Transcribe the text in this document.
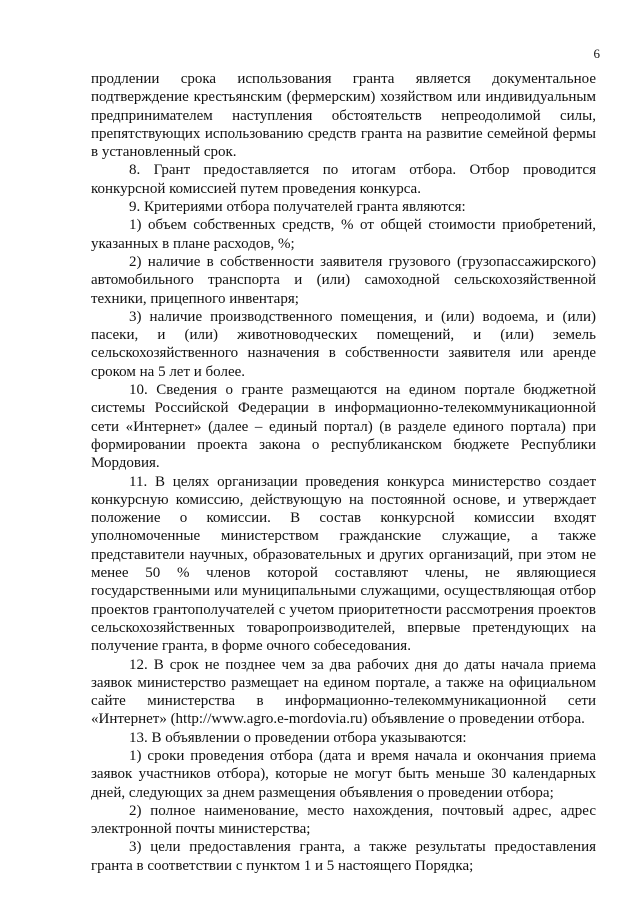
6

продлении срока использования гранта является документальное подтверждение крестьянским (фермерским) хозяйством или индивидуальным предпринимателем наступления обстоятельств непреодолимой силы, препятствующих использованию средств гранта на развитие семейной фермы в установленный срок.

8. Грант предоставляется по итогам отбора. Отбор проводится конкурсной комиссией путем проведения конкурса.

9. Критериями отбора получателей гранта являются:

1) объем собственных средств, % от общей стоимости приобретений, указанных в плане расходов, %;

2) наличие в собственности заявителя грузового (грузопассажирского) автомобильного транспорта и (или) самоходной сельскохозяйственной техники, прицепного инвентаря;

3) наличие производственного помещения, и (или) водоема, и (или) пасеки, и (или) животноводческих помещений, и (или) земель сельскохозяйственного назначения в собственности заявителя или аренде сроком на 5 лет и более.

10. Сведения о гранте размещаются на едином портале бюджетной системы Российской Федерации в информационно-телекоммуникационной сети «Интернет» (далее – единый портал) (в разделе единого портала) при формировании проекта закона о республиканском бюджете Республики Мордовия.

11. В целях организации проведения конкурса министерство создает конкурсную комиссию, действующую на постоянной основе, и утверждает положение о комиссии. В состав конкурсной комиссии входят уполномоченные министерством гражданские служащие, а также представители научных, образовательных и других организаций, при этом не менее 50 % членов которой составляют члены, не являющиеся государственными или муниципальными служащими, осуществляющая отбор проектов грантополучателей с учетом приоритетности рассмотрения проектов сельскохозяйственных товаропроизводителей, впервые претендующих на получение гранта, в форме очного собеседования.

12. В срок не позднее чем за два рабочих дня до даты начала приема заявок министерство размещает на едином портале, а также на официальном сайте министерства в информационно-телекоммуникационной сети «Интернет» (http://www.agro.e-mordovia.ru) объявление о проведении отбора.

13. В объявлении о проведении отбора указываются:

1) сроки проведения отбора (дата и время начала и окончания приема заявок участников отбора), которые не могут быть меньше 30 календарных дней, следующих за днем размещения объявления о проведении отбора;

2) полное наименование, место нахождения, почтовый адрес, адрес электронной почты министерства;

3) цели предоставления гранта, а также результаты предоставления гранта в соответствии с пунктом 1 и 5 настоящего Порядка;
